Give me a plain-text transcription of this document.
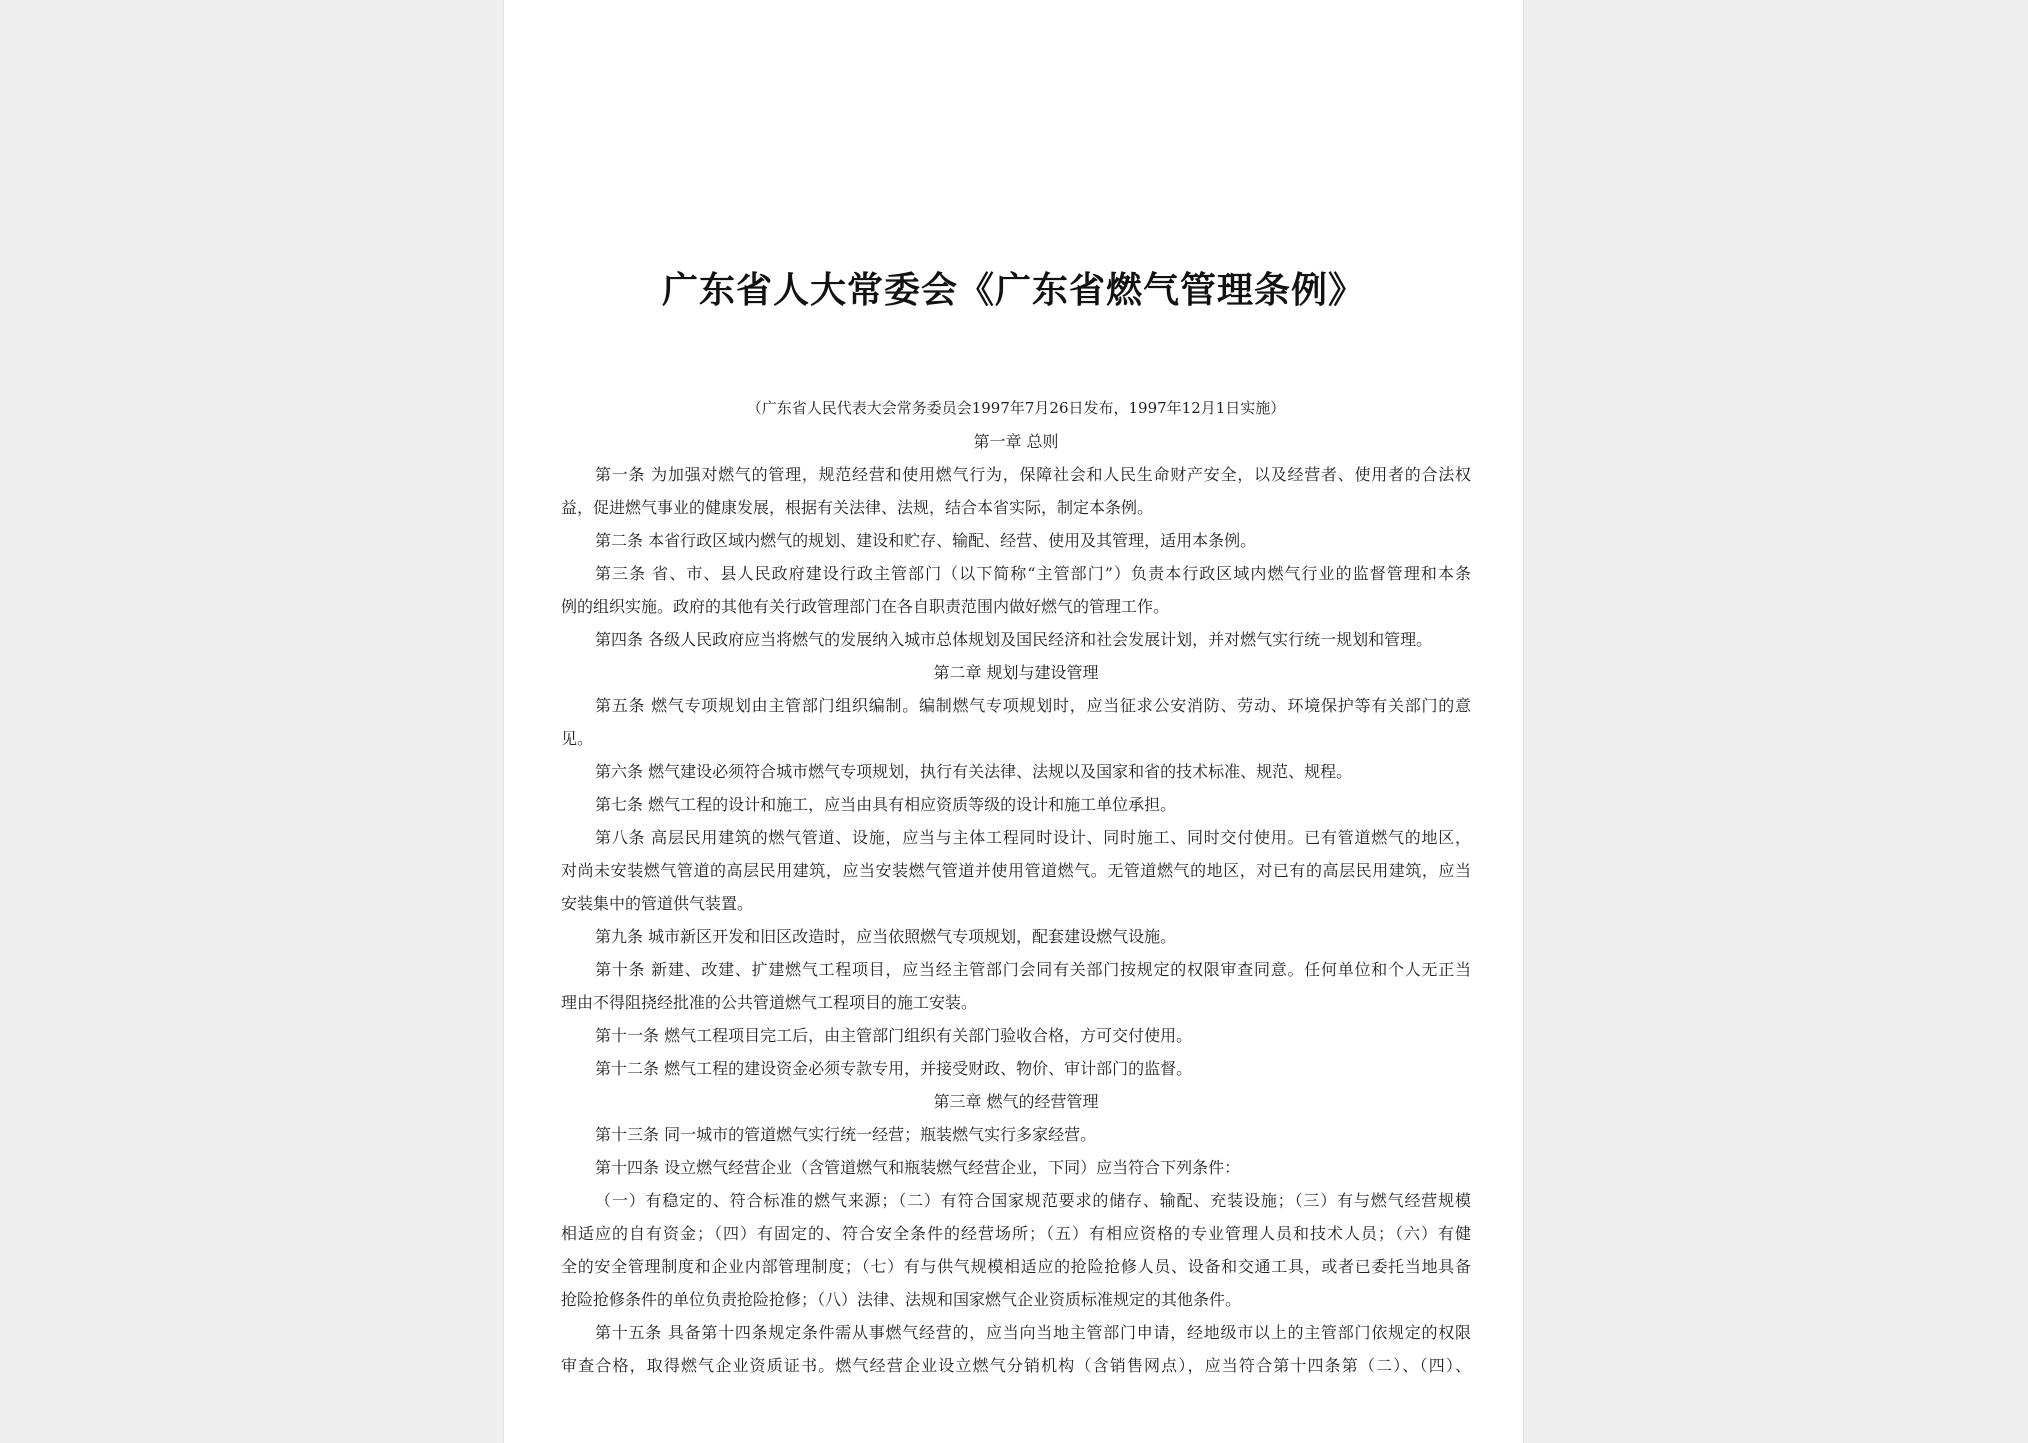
广东省人大常委会《广东省燃气管理条例》

（广东省人民代表大会常务委员会1997年7月26日发布，1997年12月1日实施）

第一章 总则

第一条 为加强对燃气的管理，规范经营和使用燃气行为，保障社会和人民生命财产安全，以及经营者、使用者的合法权

益，促进燃气事业的健康发展，根据有关法律、法规，结合本省实际，制定本条例。

第二条 本省行政区域内燃气的规划、建设和贮存、输配、经营、使用及其管理，适用本条例。

第三条 省、市、县人民政府建设行政主管部门（以下简称“主管部门”）负责本行政区域内燃气行业的监督管理和本条

例的组织实施。政府的其他有关行政管理部门在各自职责范围内做好燃气的管理工作。

第四条 各级人民政府应当将燃气的发展纳入城市总体规划及国民经济和社会发展计划，并对燃气实行统一规划和管理。

第二章 规划与建设管理

第五条 燃气专项规划由主管部门组织编制。编制燃气专项规划时，应当征求公安消防、劳动、环境保护等有关部门的意

见。

第六条 燃气建设必须符合城市燃气专项规划，执行有关法律、法规以及国家和省的技术标准、规范、规程。

第七条 燃气工程的设计和施工，应当由具有相应资质等级的设计和施工单位承担。

第八条 高层民用建筑的燃气管道、设施，应当与主体工程同时设计、同时施工、同时交付使用。已有管道燃气的地区，

对尚未安装燃气管道的高层民用建筑，应当安装燃气管道并使用管道燃气。无管道燃气的地区，对已有的高层民用建筑，应当

安装集中的管道供气装置。

第九条 城市新区开发和旧区改造时，应当依照燃气专项规划，配套建设燃气设施。

第十条 新建、改建、扩建燃气工程项目，应当经主管部门会同有关部门按规定的权限审查同意。任何单位和个人无正当

理由不得阻挠经批准的公共管道燃气工程项目的施工安装。

第十一条 燃气工程项目完工后，由主管部门组织有关部门验收合格，方可交付使用。

第十二条 燃气工程的建设资金必须专款专用，并接受财政、物价、审计部门的监督。

第三章 燃气的经营管理

第十三条 同一城市的管道燃气实行统一经营；瓶装燃气实行多家经营。

第十四条 设立燃气经营企业（含管道燃气和瓶装燃气经营企业，下同）应当符合下列条件：

（一）有稳定的、符合标准的燃气来源；（二）有符合国家规范要求的储存、输配、充装设施；（三）有与燃气经营规模

相适应的自有资金；（四）有固定的、符合安全条件的经营场所；（五）有相应资格的专业管理人员和技术人员；（六）有健

全的安全管理制度和企业内部管理制度；（七）有与供气规模相适应的抢险抢修人员、设备和交通工具，或者已委托当地具备

抢险抢修条件的单位负责抢险抢修；（八）法律、法规和国家燃气企业资质标准规定的其他条件。

第十五条 具备第十四条规定条件需从事燃气经营的，应当向当地主管部门申请，经地级市以上的主管部门依规定的权限

审查合格，取得燃气企业资质证书。燃气经营企业设立燃气分销机构（含销售网点），应当符合第十四条第（二）、（四）、
